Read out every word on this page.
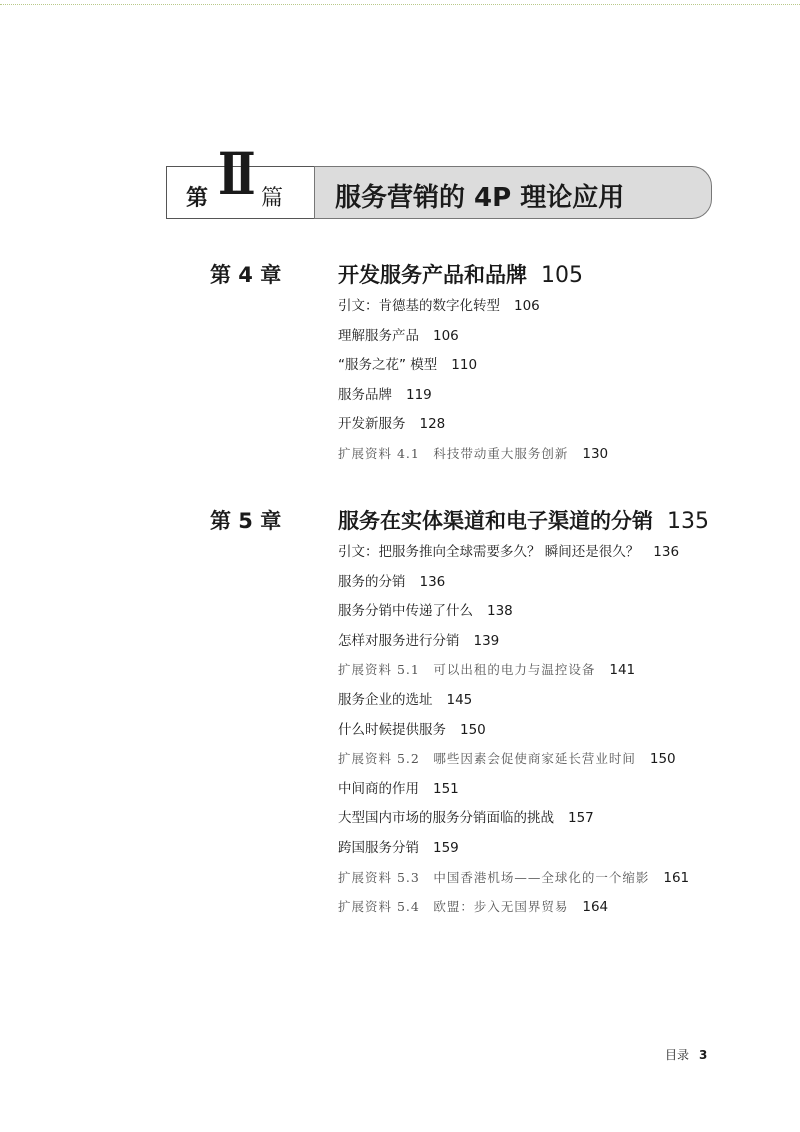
第 II 篇 服务营销的 4P 理论应用
第 4 章	开发服务产品和品牌 105
引文：肯德基的数字化转型 106
理解服务产品 106
“服务之花” 模型 110
服务品牌 119
开发新服务 128
扩展资料 4.1　科技带动重大服务创新 130
第 5 章	服务在实体渠道和电子渠道的分销 135
引文：把服务推向全球需要多久？ 瞬间还是很久？ 136
服务的分销 136
服务分销中传递了什么 138
怎样对服务进行分销 139
扩展资料 5.1　可以出租的电力与温控设备 141
服务企业的选址 145
什么时候提供服务 150
扩展资料 5.2　哪些因素会促使商家延长营业时间 150
中间商的作用 151
大型国内市场的服务分销面临的挑战 157
跨国服务分销 159
扩展资料 5.3　中国香港机场——全球化的一个缩影 161
扩展资料 5.4　欧盟：步入无国界贸易 164
目录 3
